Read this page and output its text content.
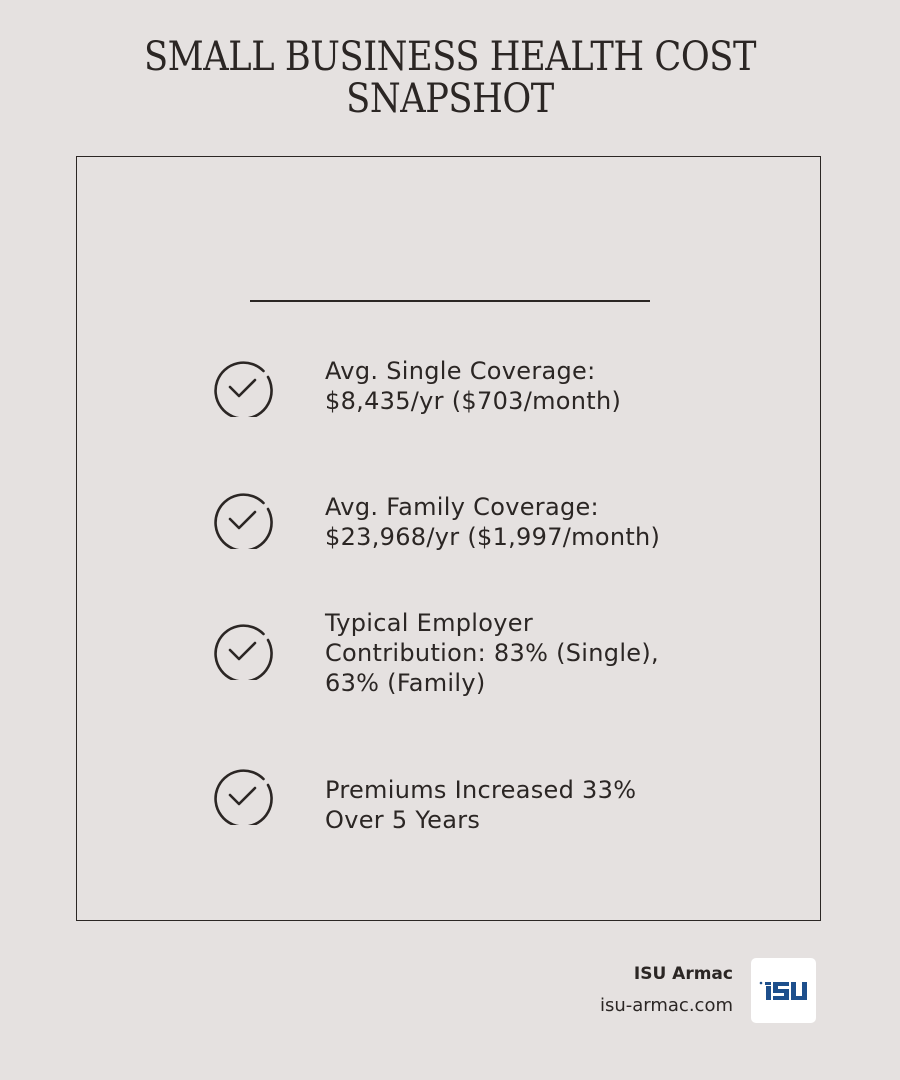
SMALL BUSINESS HEALTH COST
SNAPSHOT
Avg. Single Coverage:
$8,435/yr ($703/month)
Avg. Family Coverage:
$23,968/yr ($1,997/month)
Typical Employer
Contribution: 83% (Single),
63% (Family)
Premiums Increased 33%
Over 5 Years
ISU Armac
isu-armac.com
